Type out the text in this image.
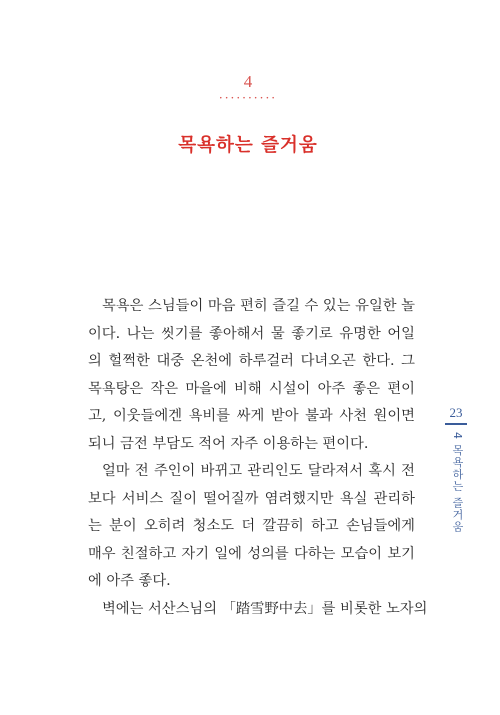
4
··········
목욕하는 즐거움
목욕은 스님들이 마음 편히 즐길 수 있는 유일한 놀
이다. 나는 씻기를 좋아해서 물 좋기로 유명한 어일
의 헐쩍한 대중 온천에 하루걸러 다녀오곤 한다. 그
목욕탕은 작은 마을에 비해 시설이 아주 좋은 편이
고, 이웃들에겐 욕비를 싸게 받아 불과 사천 원이면
되니 금전 부담도 적어 자주 이용하는 편이다.
얼마 전 주인이 바뀌고 관리인도 달라져서 혹시 전
보다 서비스 질이 떨어질까 염려했지만 욕실 관리하
는 분이 오히려 청소도 더 깔끔히 하고 손님들에게
매우 친절하고 자기 일에 성의를 다하는 모습이 보기
에 아주 좋다.
벽에는 서산스님의 「踏雪野中去」를 비롯한 노자의
23
4 목욕하는 즐거움
